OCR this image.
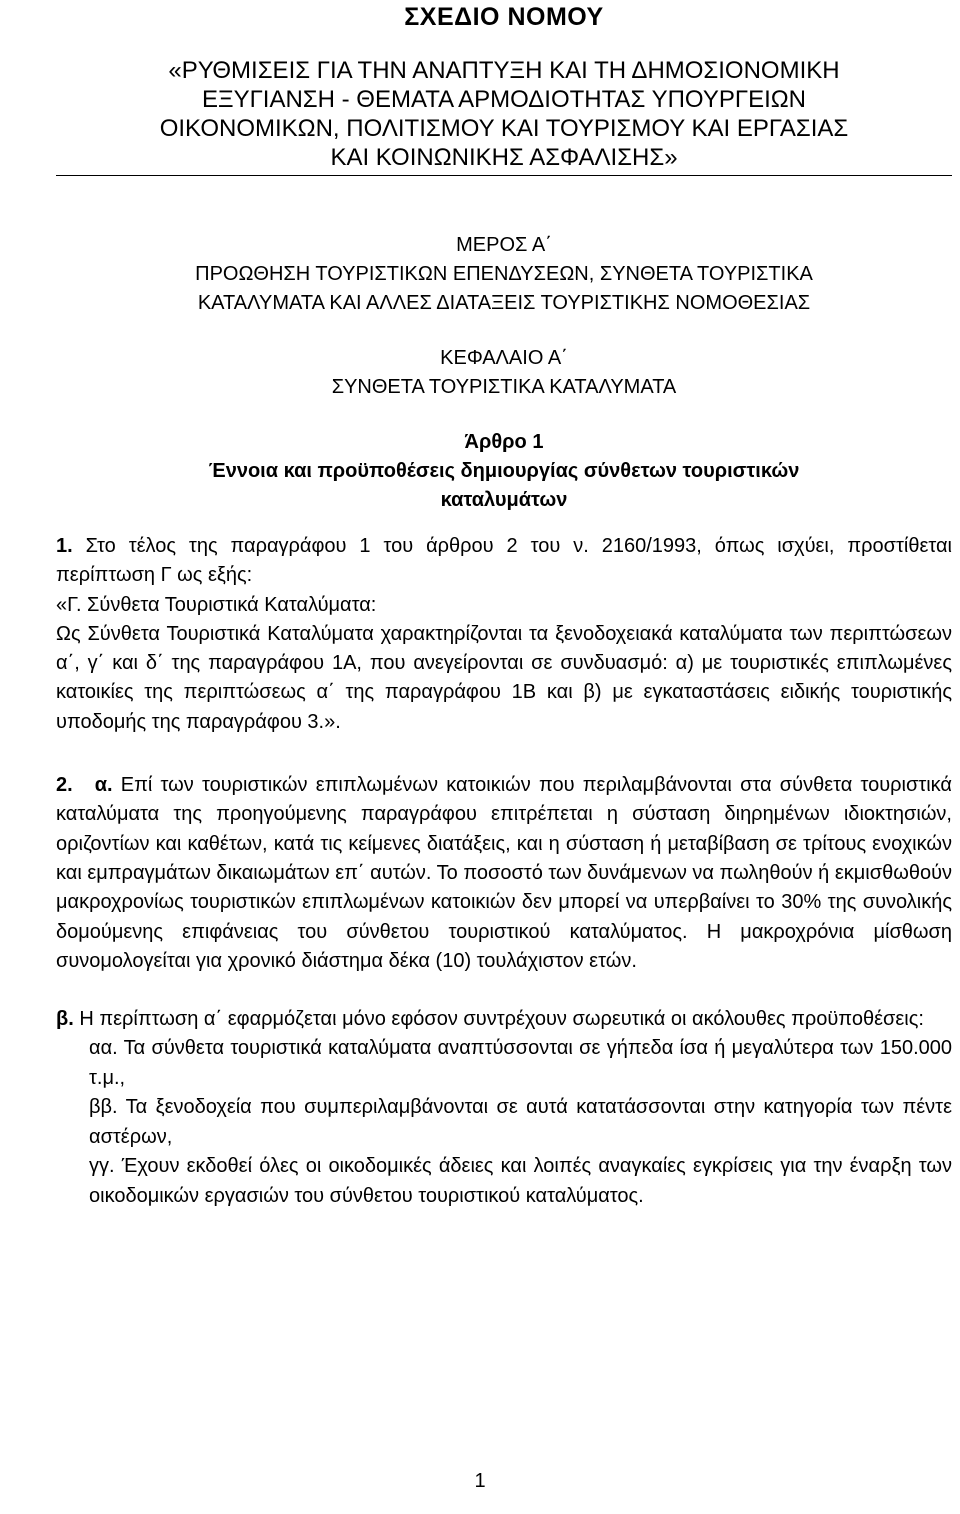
ΣΧΕΔΙΟ ΝΟΜΟΥ
«ΡΥΘΜΙΣΕΙΣ ΓΙΑ ΤΗΝ ΑΝΑΠΤΥΞΗ ΚΑΙ ΤΗ ΔΗΜΟΣΙΟΝΟΜΙΚΗ
ΕΞΥΓΙΑΝΣΗ - ΘΕΜΑΤΑ ΑΡΜΟΔΙΟΤΗΤΑΣ ΥΠΟΥΡΓΕΙΩΝ
ΟΙΚΟΝΟΜΙΚΩΝ, ΠΟΛΙΤΙΣΜΟΥ ΚΑΙ ΤΟΥΡΙΣΜΟΥ ΚΑΙ ΕΡΓΑΣΙΑΣ
ΚΑΙ ΚΟΙΝΩΝΙΚΗΣ ΑΣΦΑΛΙΣΗΣ»
ΜΕΡΟΣ Α΄
ΠΡΟΩΘΗΣΗ ΤΟΥΡΙΣΤΙΚΩΝ ΕΠΕΝΔΥΣΕΩΝ, ΣΥΝΘΕΤΑ ΤΟΥΡΙΣΤΙΚΑ
ΚΑΤΑΛΥΜΑΤΑ ΚΑΙ ΑΛΛΕΣ ΔΙΑΤΑΞΕΙΣ ΤΟΥΡΙΣΤΙΚΗΣ ΝΟΜΟΘΕΣΙΑΣ
ΚΕΦΑΛΑΙΟ Α΄
ΣΥΝΘΕΤΑ ΤΟΥΡΙΣΤΙΚΑ ΚΑΤΑΛΥΜΑΤΑ
Άρθρο 1
Έννοια και προϋποθέσεις δημιουργίας σύνθετων τουριστικών
καταλυμάτων

1. Στο τέλος της παραγράφου 1 του άρθρου 2 του ν. 2160/1993, όπως ισχύει, προστίθεται περίπτωση Γ ως εξής:

«Γ. Σύνθετα Τουριστικά Καταλύματα:

Ως Σύνθετα Τουριστικά Καταλύματα χαρακτηρίζονται τα ξενοδοχειακά καταλύματα των περιπτώσεων α΄, γ΄ και δ΄ της παραγράφου 1Α, που ανεγείρονται σε συνδυασμό: α) με τουριστικές επιπλωμένες κατοικίες της περιπτώσεως α΄ της παραγράφου 1Β και β) με εγκαταστάσεις ειδικής τουριστικής υποδομής της παραγράφου 3.».

2. α. Επί των τουριστικών επιπλωμένων κατοικιών που περιλαμβάνονται στα σύνθετα τουριστικά καταλύματα της προηγούμενης παραγράφου επιτρέπεται η σύσταση διηρημένων ιδιοκτησιών, οριζοντίων και καθέτων, κατά τις κείμενες διατάξεις, και η σύσταση ή μεταβίβαση σε τρίτους ενοχικών και εμπραγμάτων δικαιωμάτων επ΄ αυτών. Το ποσοστό των δυνάμενων να πωληθούν ή εκμισθωθούν μακροχρονίως τουριστικών επιπλωμένων κατοικιών δεν μπορεί να υπερβαίνει το 30% της συνολικής δομούμενης επιφάνειας του σύνθετου τουριστικού καταλύματος. Η μακροχρόνια μίσθωση συνομολογείται για χρονικό διάστημα δέκα (10) τουλάχιστον ετών.

β. Η περίπτωση α΄ εφαρμόζεται μόνο εφόσον συντρέχουν σωρευτικά οι ακόλουθες προϋποθέσεις:

αα. Τα σύνθετα τουριστικά καταλύματα αναπτύσσονται σε γήπεδα ίσα ή μεγαλύτερα των 150.000 τ.μ.,

ββ. Τα ξενοδοχεία που συμπεριλαμβάνονται σε αυτά κατατάσσονται στην κατηγορία των πέντε αστέρων,

γγ. Έχουν εκδοθεί όλες οι οικοδομικές άδειες και λοιπές αναγκαίες εγκρίσεις για την έναρξη των οικοδομικών εργασιών του σύνθετου τουριστικού καταλύματος.

1
